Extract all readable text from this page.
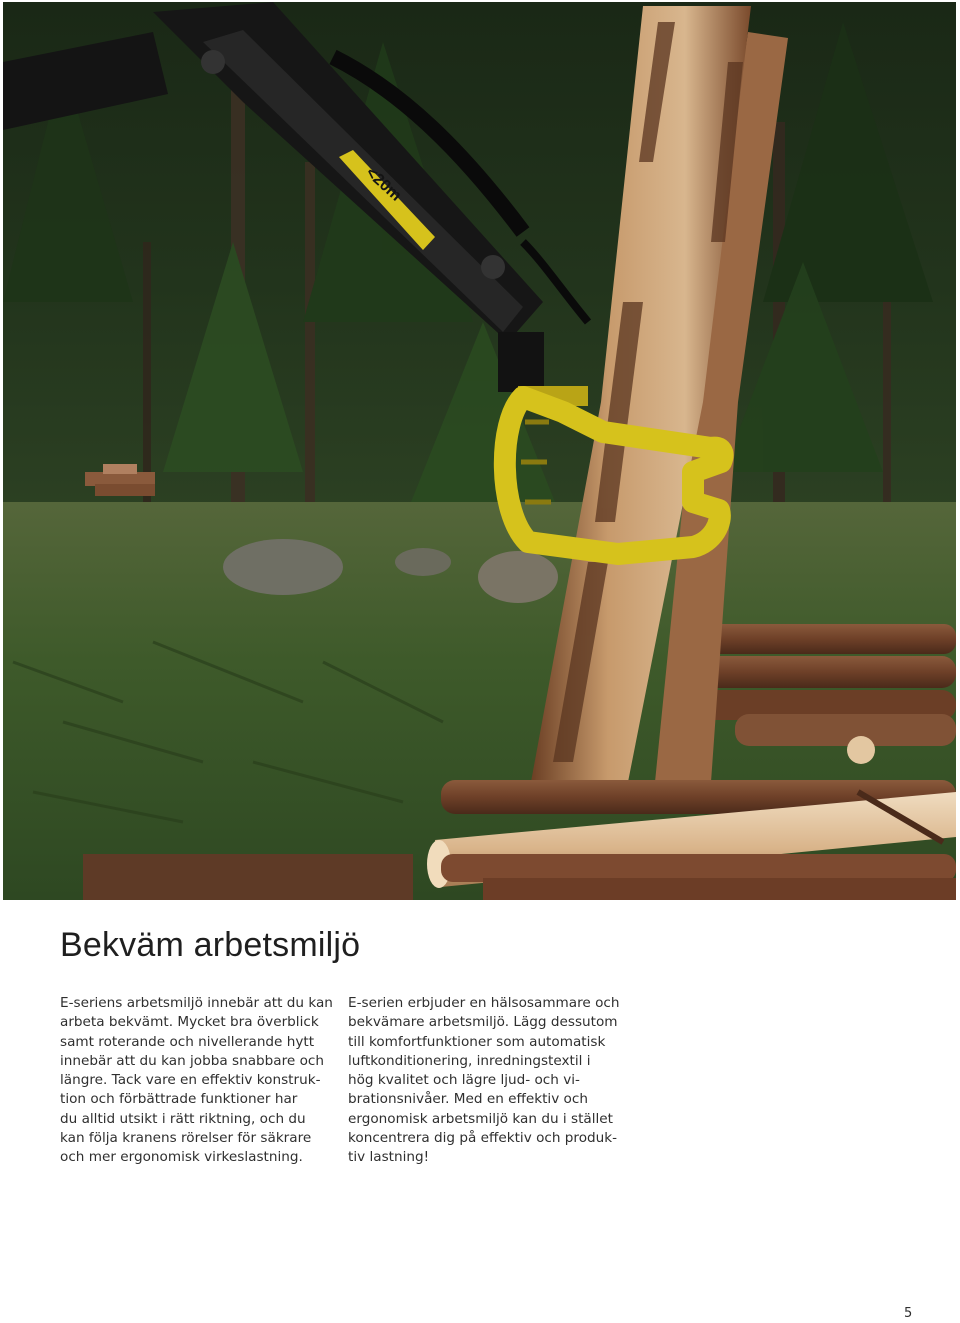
<20m
Bekväm arbetsmiljö

E-seriens arbetsmiljö innebär att du kan
arbeta bekvämt. Mycket bra överblick
samt roterande och nivellerande hytt
innebär att du kan jobba snabbare och
längre. Tack vare en effektiv konstruk-
tion och förbättrade funktioner har
du alltid utsikt i rätt riktning, och du
kan följa kranens rörelser för säkrare
och mer ergonomisk virkeslastning.

E-serien erbjuder en hälsosammare och
bekvämare arbetsmiljö. Lägg dessutom
till komfortfunktioner som automatisk
luftkonditionering, inredningstextil i
hög kvalitet och lägre ljud- och vi-
brationsnivåer. Med en effektiv och
ergonomisk arbetsmiljö kan du i stället
koncentrera dig på effektiv och produk-
tiv lastning!

5
